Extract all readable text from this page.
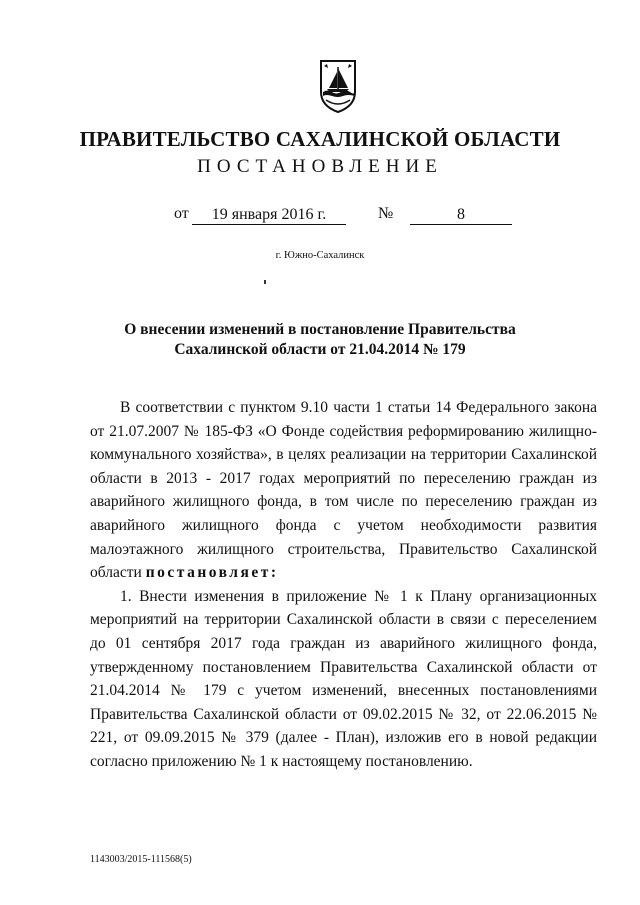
ПРАВИТЕЛЬСТВО САХАЛИНСКОЙ ОБЛАСТИ
ПОСТАНОВЛЕНИЕ
от	19 января 2016 г.	№	8
г. Южно-Сахалинск
О внесении изменений в постановление Правительства
Сахалинской области от 21.04.2014 № 179

В соответствии с пунктом 9.10 части 1 статьи 14 Федерального закона от 21.07.2007 № 185-ФЗ «О Фонде содействия реформированию жилищно-коммунального хозяйства», в целях реализации на территории Сахалинской области в 2013 - 2017 годах мероприятий по переселению граждан из аварийного жилищного фонда, в том числе по переселению граждан из аварийного жилищного фонда с учетом необходимости развития малоэтажного жилищного строительства, Правительство Сахалинской области постановляет:

1. Внести изменения в приложение № 1 к Плану организационных мероприятий на территории Сахалинской области в связи с переселением до 01 сентября 2017 года граждан из аварийного жилищного фонда, утвержденному постановлением Правительства Сахалинской области от 21.04.2014 № 179 с учетом изменений, внесенных постановлениями Правительства Сахалинской области от 09.02.2015 № 32, от 22.06.2015 № 221, от 09.09.2015 № 379 (далее - План), изложив его в новой редакции согласно приложению № 1 к настоящему постановлению.

1143003/2015-111568(5)
